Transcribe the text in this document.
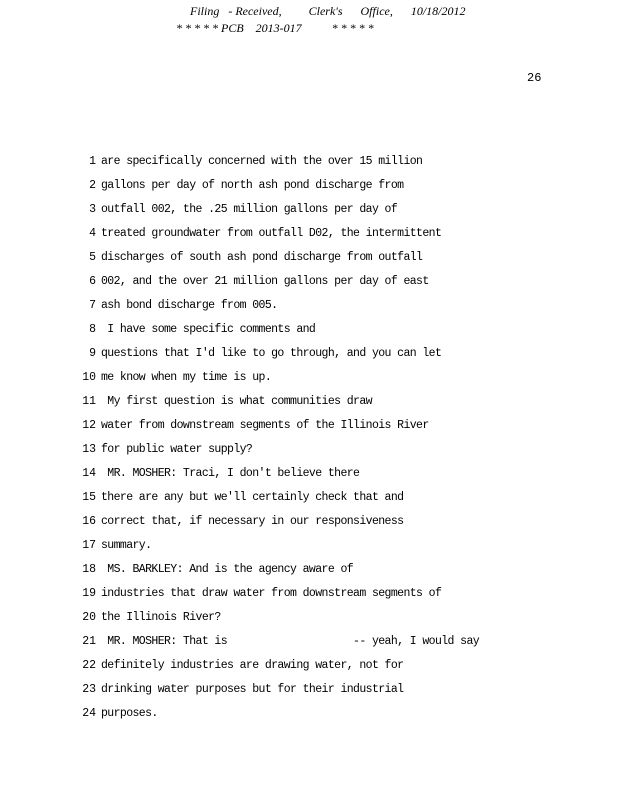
Filing   - Received,         Clerk's      Office,      10/18/2012
* * * * * PCB    2013-017          * * * * *
26
1 are specifically concerned with the over 15 million
2 gallons per day of north ash pond discharge from
3 outfall 002, the .25 million gallons per day of
4 treated groundwater from outfall D02, the intermittent
5 discharges of south ash pond discharge from outfall
6 002, and the over 21 million gallons per day of east
7 ash bond discharge from 005.
8 I have some specific comments and
9 questions that I'd like to go through, and you can let
10 me know when my time is up.
11 My first question is what communities draw
12 water from downstream segments of the Illinois River
13 for public water supply?
14 MR. MOSHER: Traci, I don't believe there
15 there are any but we'll certainly check that and
16 correct that, if necessary in our responsiveness
17 summary.
18 MS. BARKLEY: And is the agency aware of
19 industries that draw water from downstream segments of
20 the Illinois River?
21 MR. MOSHER: That is                    -- yeah, I would say
22 definitely industries are drawing water, not for
23 drinking water purposes but for their industrial
24 purposes.
